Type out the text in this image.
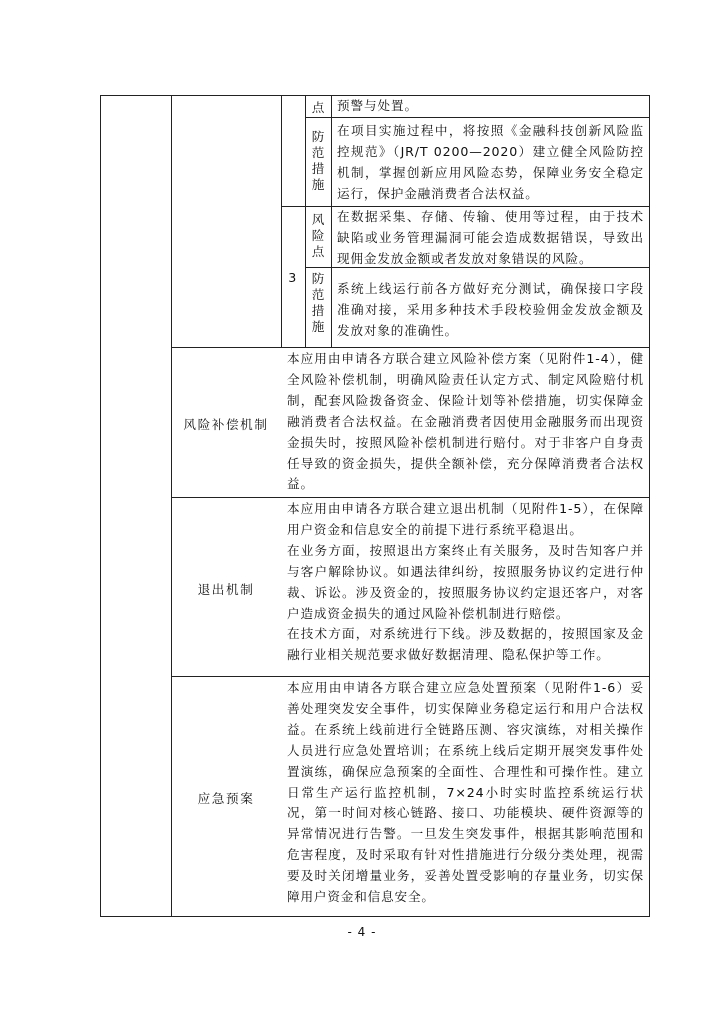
点	预警与处置。
防
范
措
施
在项目实施过程中，将按照《金融科技创新风险监控规范》（JR/T 0200—2020）建立健全风险防控机制，掌握创新应用风险态势，保障业务安全稳定运行，保护金融消费者合法权益。
3
风
险
点
在数据采集、存储、传输、使用等过程，由于技术缺陷或业务管理漏洞可能会造成数据错误，导致出现佣金发放金额或者发放对象错误的风险。
防
范
措
施
系统上线运行前各方做好充分测试，确保接口字段准确对接，采用多种技术手段校验佣金发放金额及发放对象的准确性。
风险补偿机制

本应用由申请各方联合建立风险补偿方案（见附件1-4），健全风险补偿机制，明确风险责任认定方式、制定风险赔付机制，配套风险拨备资金、保险计划等补偿措施，切实保障金融消费者合法权益。在金融消费者因使用金融服务而出现资金损失时，按照风险补偿机制进行赔付。对于非客户自身责任导致的资金损失，提供全额补偿，充分保障消费者合法权益。

退出机制

本应用由申请各方联合建立退出机制（见附件1-5），在保障用户资金和信息安全的前提下进行系统平稳退出。

在业务方面，按照退出方案终止有关服务，及时告知客户并与客户解除协议。如遇法律纠纷，按照服务协议约定进行仲裁、诉讼。涉及资金的，按照服务协议约定退还客户，对客户造成资金损失的通过风险补偿机制进行赔偿。

在技术方面，对系统进行下线。涉及数据的，按照国家及金融行业相关规范要求做好数据清理、隐私保护等工作。

应急预案

本应用由申请各方联合建立应急处置预案（见附件1-6）妥善处理突发安全事件，切实保障业务稳定运行和用户合法权益。在系统上线前进行全链路压测、容灾演练，对相关操作人员进行应急处置培训；在系统上线后定期开展突发事件处置演练，确保应急预案的全面性、合理性和可操作性。建立日常生产运行监控机制，7×24小时实时监控系统运行状况，第一时间对核心链路、接口、功能模块、硬件资源等的异常情况进行告警。一旦发生突发事件，根据其影响范围和危害程度，及时采取有针对性措施进行分级分类处理，视需要及时关闭增量业务，妥善处置受影响的存量业务，切实保障用户资金和信息安全。

- 4 -
